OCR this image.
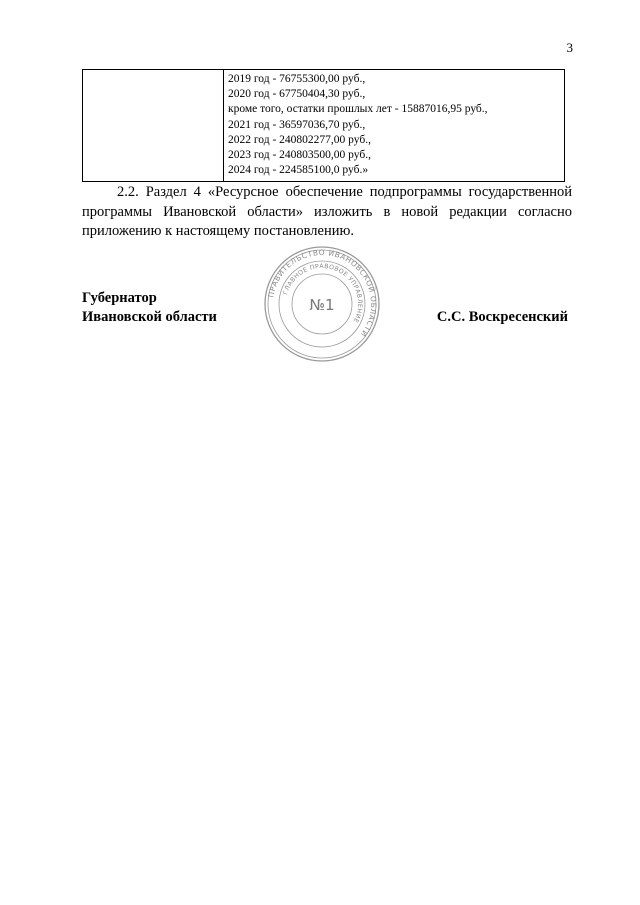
3

2019 год - 76755300,00 руб.,
2020 год - 67750404,30 руб.,
кроме того, остатки прошлых лет - 15887016,95 руб.,
2021 год - 36597036,70 руб.,
2022 год - 240802277,00 руб.,
2023 год - 240803500,00 руб.,
2024 год - 224585100,0 руб.»
2.2. Раздел 4 «Ресурсное обеспечение подпрограммы государственной программы Ивановской области» изложить в новой редакции согласно приложению к настоящему постановлению.
Губернатор
Ивановской области
ПРАВИТЕЛЬСТВО ИВАНОВСКОЙ ОБЛАСТИ
ГЛАВНОЕ ПРАВОВОЕ УПРАВЛЕНИЕ
№1
С.С. Воскресенский
